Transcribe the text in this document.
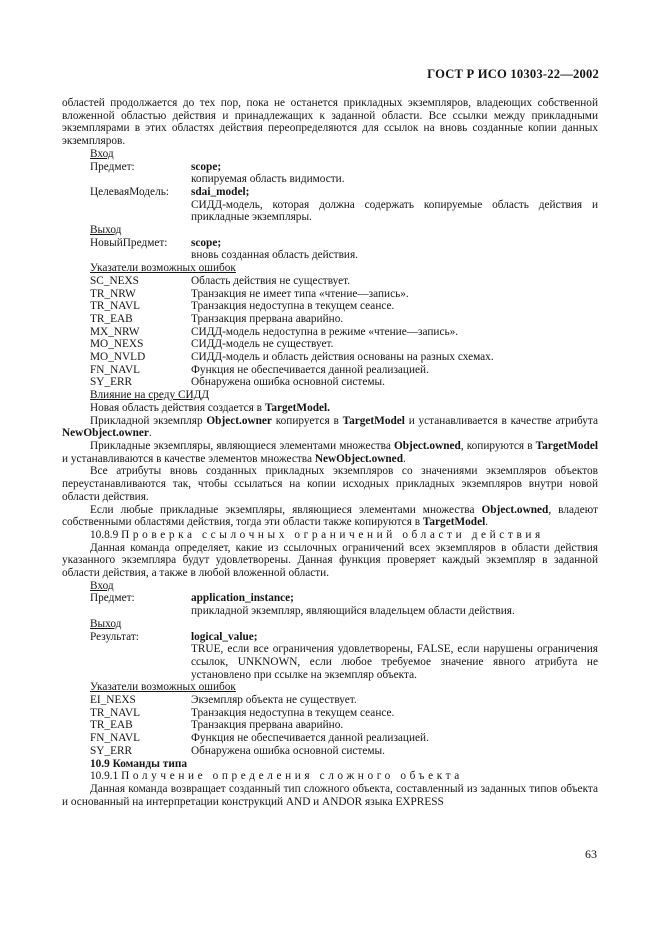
ГОСТ Р ИСО 10303-22—2002
областей продолжается до тех пор, пока не останется прикладных экземпляров, владеющих собственной вложенной областью действия и принадлежащих к заданной области. Все ссылки между прикладными экземплярами в этих областях действия переопределяются для ссылок на вновь созданные копии данных экземпляров.
Вход
Предмет:	scope;
копируемая область видимости.
ЦелеваяМодель:	sdai_model;
СИДД-модель, которая должна содержать копируемые область действия и прикладные экземпляры.
Выход
НовыйПредмет:	scope;
вновь созданная область действия.
Указатели возможных ошибок
SC_NEXS	Область действия не существует.
TR_NRW	Транзакция не имеет типа «чтение—запись».
TR_NAVL	Транзакция недоступна в текущем сеансе.
TR_EAB	Транзакция прервана аварийно.
MX_NRW	СИДД-модель недоступна в режиме «чтение—запись».
MO_NEXS	СИДД-модель не существует.
MO_NVLD	СИДД-модель и область действия основаны на разных схемах.
FN_NAVL	Функция не обеспечивается данной реализацией.
SY_ERR	Обнаружена ошибка основной системы.
Влияние на среду СИДД
Новая область действия создается в TargetModel.
Прикладной экземпляр Object.owner копируется в TargetModel и устанавливается в качестве атрибута NewObject.owner.
Прикладные экземпляры, являющиеся элементами множества Object.owned, копируются в TargetModel и устанавливаются в качестве элементов множества NewObject.owned.
Все атрибуты вновь созданных прикладных экземпляров со значениями экземпляров объектов переустанавливаются так, чтобы ссылаться на копии исходных прикладных экземпляров внутри новой области действия.
Если любые прикладные экземпляры, являющиеся элементами множества Object.owned, владеют собственными областями действия, тогда эти области также копируются в TargetModel.
10.8.9 Проверка ссылочных ограничений области действия
Данная команда определяет, какие из ссылочных ограничений всех экземпляров в области действия указанного экземпляра будут удовлетворены. Данная функция проверяет каждый экземпляр в заданной области действия, а также в любой вложенной области.
Вход
Предмет:	application_instance;
прикладной экземпляр, являющийся владельцем области действия.
Выход
Результат:	logical_value;
TRUE, если все ограничения удовлетворены, FALSE, если нарушены ограничения ссылок, UNKNOWN, если любое требуемое значение явного атрибута не установлено при ссылке на экземпляр объекта.
Указатели возможных ошибок
EI_NEXS	Экземпляр объекта не существует.
TR_NAVL	Транзакция недоступна в текущем сеансе.
TR_EAB	Транзакция прервана аварийно.
FN_NAVL	Функция не обеспечивается данной реализацией.
SY_ERR	Обнаружена ошибка основной системы.
10.9 Команды типа
10.9.1 Получение определения сложного объекта
Данная команда возвращает созданный тип сложного объекта, составленный из заданных типов объекта и основанный на интерпретации конструкций AND и ANDOR языка EXPRESS
63
